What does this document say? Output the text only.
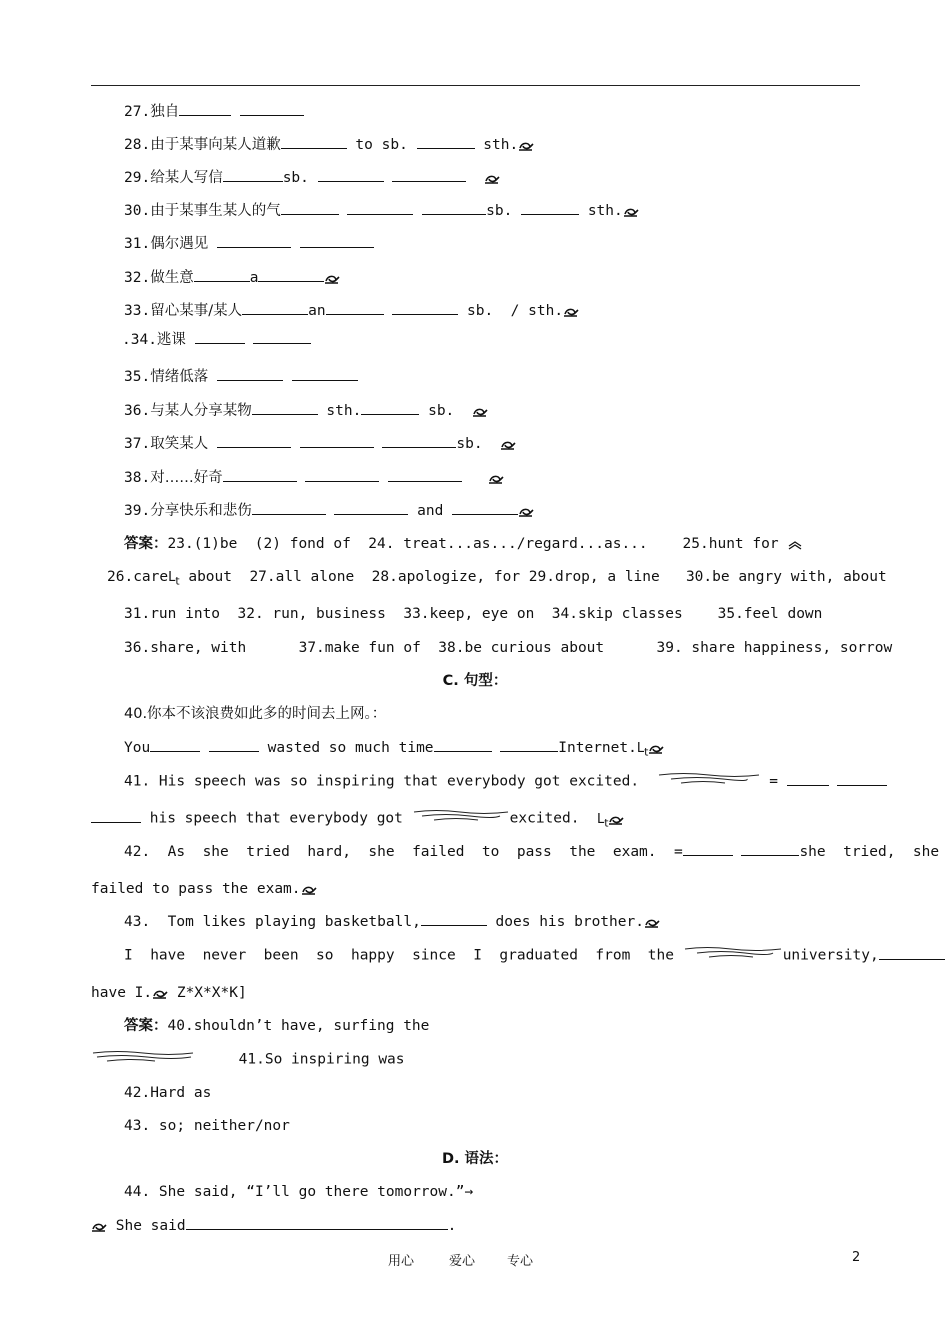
27.独自
28.由于某事向某人道歉	to sb.	sth.
29.给某人写信	sb.
30.由于某事生某人的气	sb.	sth.
31.偶尔遇见
32.做生意	a
33.留心某事/某人	an	sb.  / sth.
.34.逃课
35.情绪低落
36.与某人分享某物	sth.	sb.
37.取笑某人	sb.
38.对……好奇
39.分享快乐和悲伤	and
答案：23.(1)be  (2) fond of  24. treat...as.../regard...as...    25.hunt for
26.careL$_t$ about  27.all alone  28.apologize, for 29.drop, a line   30.be angry with, about
31.run into  32. run, business  33.keep, eye on  34.skip classes    35.feel down
36.share, with      37.make fun of  38.be curious about      39. share happiness, sorrow
C. 句型：
40.你本不该浪费如此多的时间去上网。：
You	wasted so much time	$Internet.L_t$
41. His speech was so inspiring that everybody got excited.	=
his speech that everybody got	excited. $L_t$
42.  As  she  tried  hard,  she  failed  to  pass  the  exam.  =	she  tried,  she
failed to pass the exam.
43.  Tom likes playing basketball,	does his brother.
I  have  never  been  so  happy  since  I  graduated  from  the	university,
have I. Z*X*X*K]
答案：40.shouldn’t have, surfing the
41.So inspiring was
42.Hard as
43. so; neither/nor
D. 语法：
44. She said, “I’ll go there tomorrow.”→
She said	.
用心	爱心 专心	2
